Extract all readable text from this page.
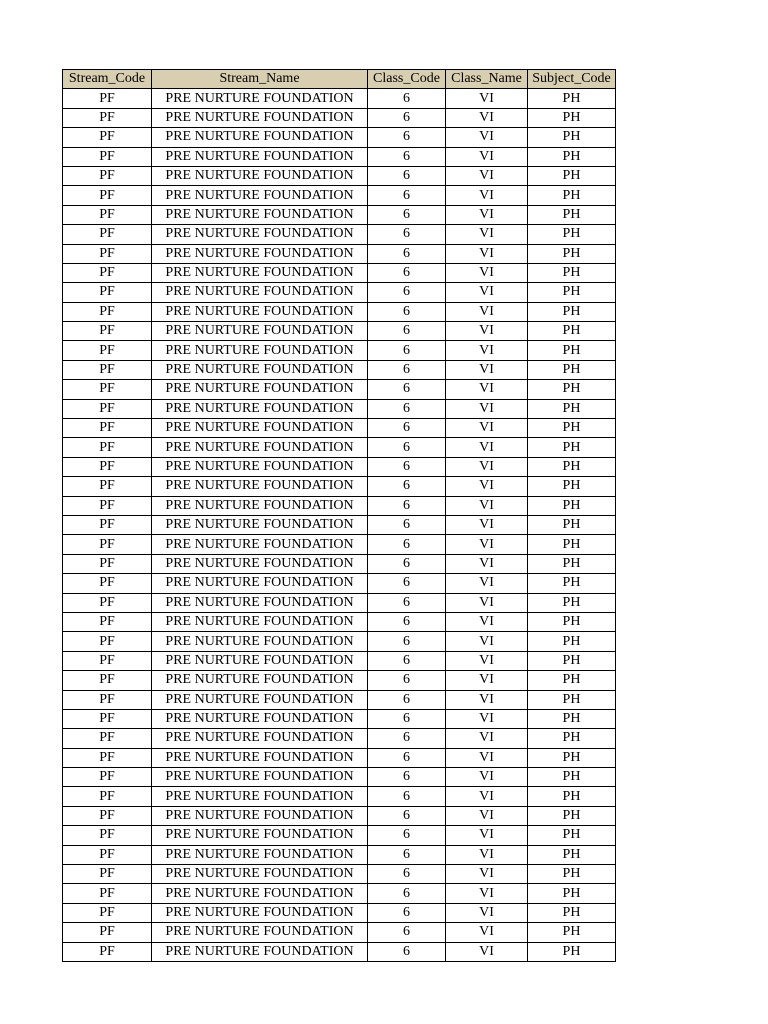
Stream_Code	Stream_Name	Class_Code	Class_Name	Subject_Code
PF	PRE NURTURE FOUNDATION	6	VI	PH
PF	PRE NURTURE FOUNDATION	6	VI	PH
PF	PRE NURTURE FOUNDATION	6	VI	PH
PF	PRE NURTURE FOUNDATION	6	VI	PH
PF	PRE NURTURE FOUNDATION	6	VI	PH
PF	PRE NURTURE FOUNDATION	6	VI	PH
PF	PRE NURTURE FOUNDATION	6	VI	PH
PF	PRE NURTURE FOUNDATION	6	VI	PH
PF	PRE NURTURE FOUNDATION	6	VI	PH
PF	PRE NURTURE FOUNDATION	6	VI	PH
PF	PRE NURTURE FOUNDATION	6	VI	PH
PF	PRE NURTURE FOUNDATION	6	VI	PH
PF	PRE NURTURE FOUNDATION	6	VI	PH
PF	PRE NURTURE FOUNDATION	6	VI	PH
PF	PRE NURTURE FOUNDATION	6	VI	PH
PF	PRE NURTURE FOUNDATION	6	VI	PH
PF	PRE NURTURE FOUNDATION	6	VI	PH
PF	PRE NURTURE FOUNDATION	6	VI	PH
PF	PRE NURTURE FOUNDATION	6	VI	PH
PF	PRE NURTURE FOUNDATION	6	VI	PH
PF	PRE NURTURE FOUNDATION	6	VI	PH
PF	PRE NURTURE FOUNDATION	6	VI	PH
PF	PRE NURTURE FOUNDATION	6	VI	PH
PF	PRE NURTURE FOUNDATION	6	VI	PH
PF	PRE NURTURE FOUNDATION	6	VI	PH
PF	PRE NURTURE FOUNDATION	6	VI	PH
PF	PRE NURTURE FOUNDATION	6	VI	PH
PF	PRE NURTURE FOUNDATION	6	VI	PH
PF	PRE NURTURE FOUNDATION	6	VI	PH
PF	PRE NURTURE FOUNDATION	6	VI	PH
PF	PRE NURTURE FOUNDATION	6	VI	PH
PF	PRE NURTURE FOUNDATION	6	VI	PH
PF	PRE NURTURE FOUNDATION	6	VI	PH
PF	PRE NURTURE FOUNDATION	6	VI	PH
PF	PRE NURTURE FOUNDATION	6	VI	PH
PF	PRE NURTURE FOUNDATION	6	VI	PH
PF	PRE NURTURE FOUNDATION	6	VI	PH
PF	PRE NURTURE FOUNDATION	6	VI	PH
PF	PRE NURTURE FOUNDATION	6	VI	PH
PF	PRE NURTURE FOUNDATION	6	VI	PH
PF	PRE NURTURE FOUNDATION	6	VI	PH
PF	PRE NURTURE FOUNDATION	6	VI	PH
PF	PRE NURTURE FOUNDATION	6	VI	PH
PF	PRE NURTURE FOUNDATION	6	VI	PH
PF	PRE NURTURE FOUNDATION	6	VI	PH
